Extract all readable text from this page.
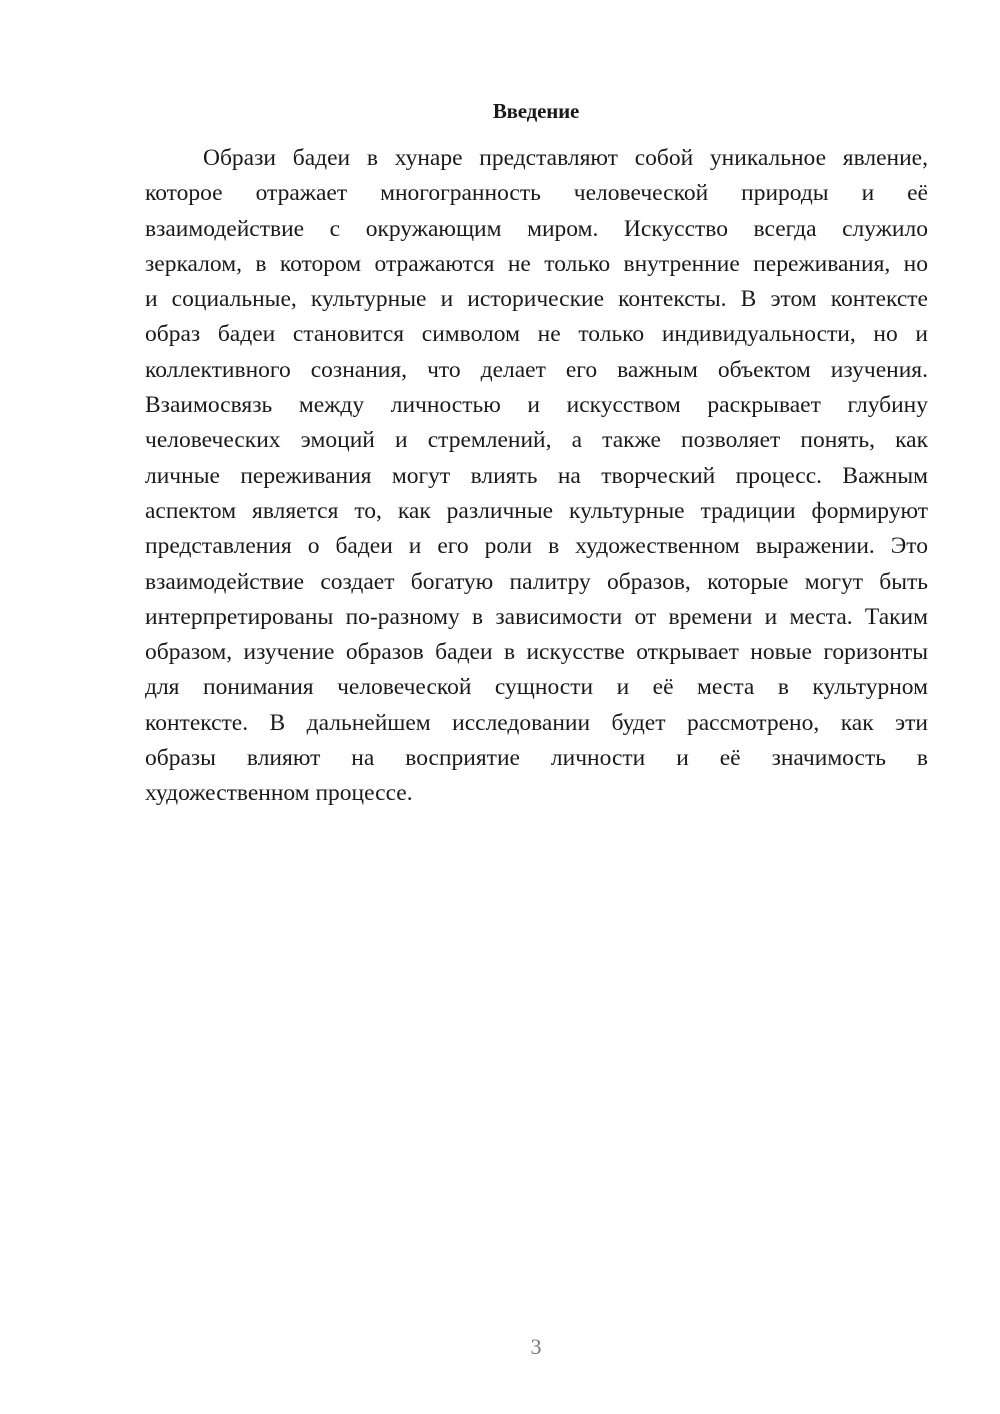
Введение
Образи бадеи в хунаре представляют собой уникальное явление,
которое отражает многогранность человеческой природы и её
взаимодействие с окружающим миром. Искусство всегда служило
зеркалом, в котором отражаются не только внутренние переживания, но
и социальные, культурные и исторические контексты. В этом контексте
образ бадеи становится символом не только индивидуальности, но и
коллективного сознания, что делает его важным объектом изучения.
Взаимосвязь между личностью и искусством раскрывает глубину
человеческих эмоций и стремлений, а также позволяет понять, как
личные переживания могут влиять на творческий процесс. Важным
аспектом является то, как различные культурные традиции формируют
представления о бадеи и его роли в художественном выражении. Это
взаимодействие создает богатую палитру образов, которые могут быть
интерпретированы по-разному в зависимости от времени и места. Таким
образом, изучение образов бадеи в искусстве открывает новые горизонты
для понимания человеческой сущности и её места в культурном
контексте. В дальнейшем исследовании будет рассмотрено, как эти
образы влияют на восприятие личности и её значимость в
художественном процессе.
3
